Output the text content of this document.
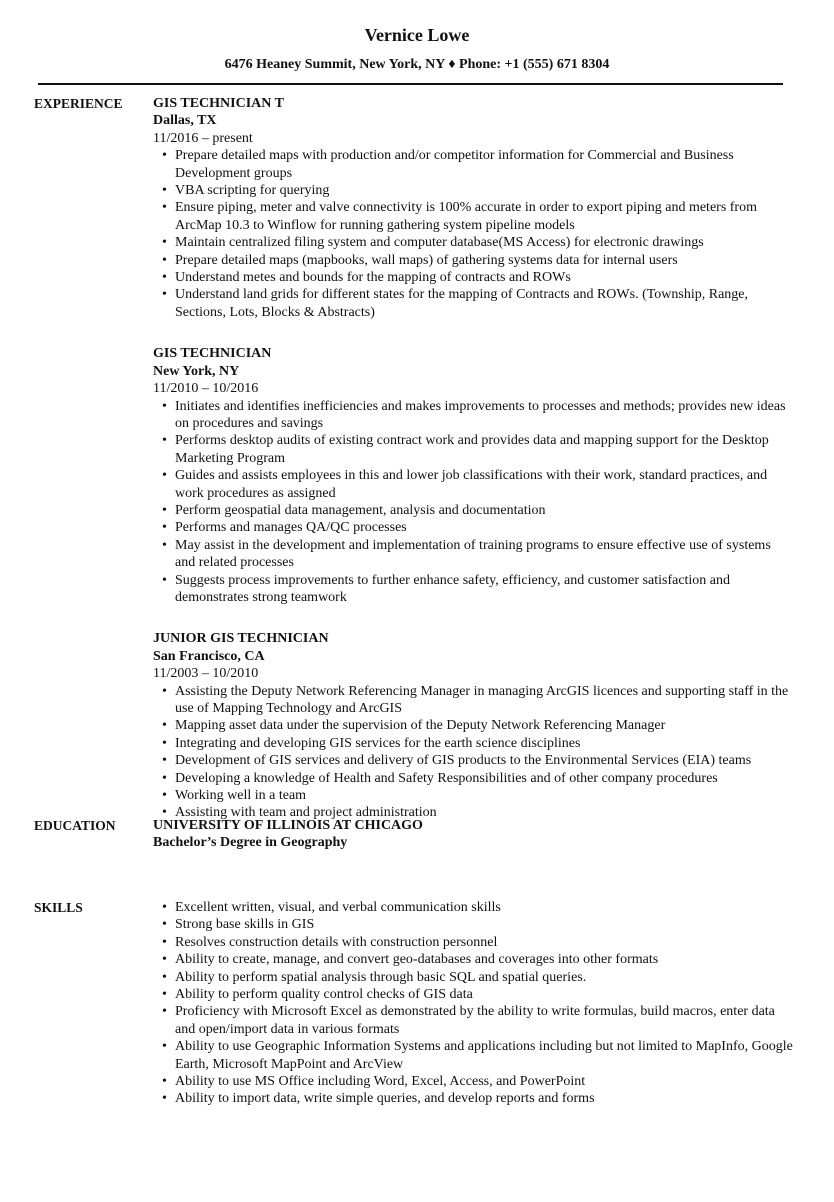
Vernice Lowe
6476 Heaney Summit, New York, NY ♦ Phone: +1 (555) 671 8304
EXPERIENCE GIS TECHNICIAN T
Dallas, TX
11/2016 – present
• Prepare detailed maps with production and/or competitor information for Commercial and Business Development groups
• VBA scripting for querying
• Ensure piping, meter and valve connectivity is 100% accurate in order to export piping and meters from ArcMap 10.3 to Winflow for running gathering system pipeline models
• Maintain centralized filing system and computer database(MS Access) for electronic drawings
• Prepare detailed maps (mapbooks, wall maps) of gathering systems data for internal users
• Understand metes and bounds for the mapping of contracts and ROWs
• Understand land grids for different states for the mapping of Contracts and ROWs. (Township, Range, Sections, Lots, Blocks & Abstracts)
GIS TECHNICIAN
New York, NY
11/2010 – 10/2016
• Initiates and identifies inefficiencies and makes improvements to processes and methods; provides new ideas on procedures and savings
• Performs desktop audits of existing contract work and provides data and mapping support for the Desktop Marketing Program
• Guides and assists employees in this and lower job classifications with their work, standard practices, and work procedures as assigned
• Perform geospatial data management, analysis and documentation
• Performs and manages QA/QC processes
• May assist in the development and implementation of training programs to ensure effective use of systems and related processes
• Suggests process improvements to further enhance safety, efficiency, and customer satisfaction and demonstrates strong teamwork
JUNIOR GIS TECHNICIAN
San Francisco, CA
11/2003 – 10/2010
• Assisting the Deputy Network Referencing Manager in managing ArcGIS licences and supporting staff in the use of Mapping Technology and ArcGIS
• Mapping asset data under the supervision of the Deputy Network Referencing Manager
• Integrating and developing GIS services for the earth science disciplines
• Development of GIS services and delivery of GIS products to the Environmental Services (EIA) teams
• Developing a knowledge of Health and Safety Responsibilities and of other company procedures
• Working well in a team
• Assisting with team and project administration
EDUCATION	UNIVERSITY OF ILLINOIS AT CHICAGO
Bachelor’s Degree in Geography
SKILLS	• Excellent written, visual, and verbal communication skills
• Strong base skills in GIS
• Resolves construction details with construction personnel
• Ability to create, manage, and convert geo-databases and coverages into other formats
• Ability to perform spatial analysis through basic SQL and spatial queries.
• Ability to perform quality control checks of GIS data
• Proficiency with Microsoft Excel as demonstrated by the ability to write formulas, build macros, enter data and open/import data in various formats
• Ability to use Geographic Information Systems and applications including but not limited to MapInfo, Google Earth, Microsoft MapPoint and ArcView
• Ability to use MS Office including Word, Excel, Access, and PowerPoint
• Ability to import data, write simple queries, and develop reports and forms
